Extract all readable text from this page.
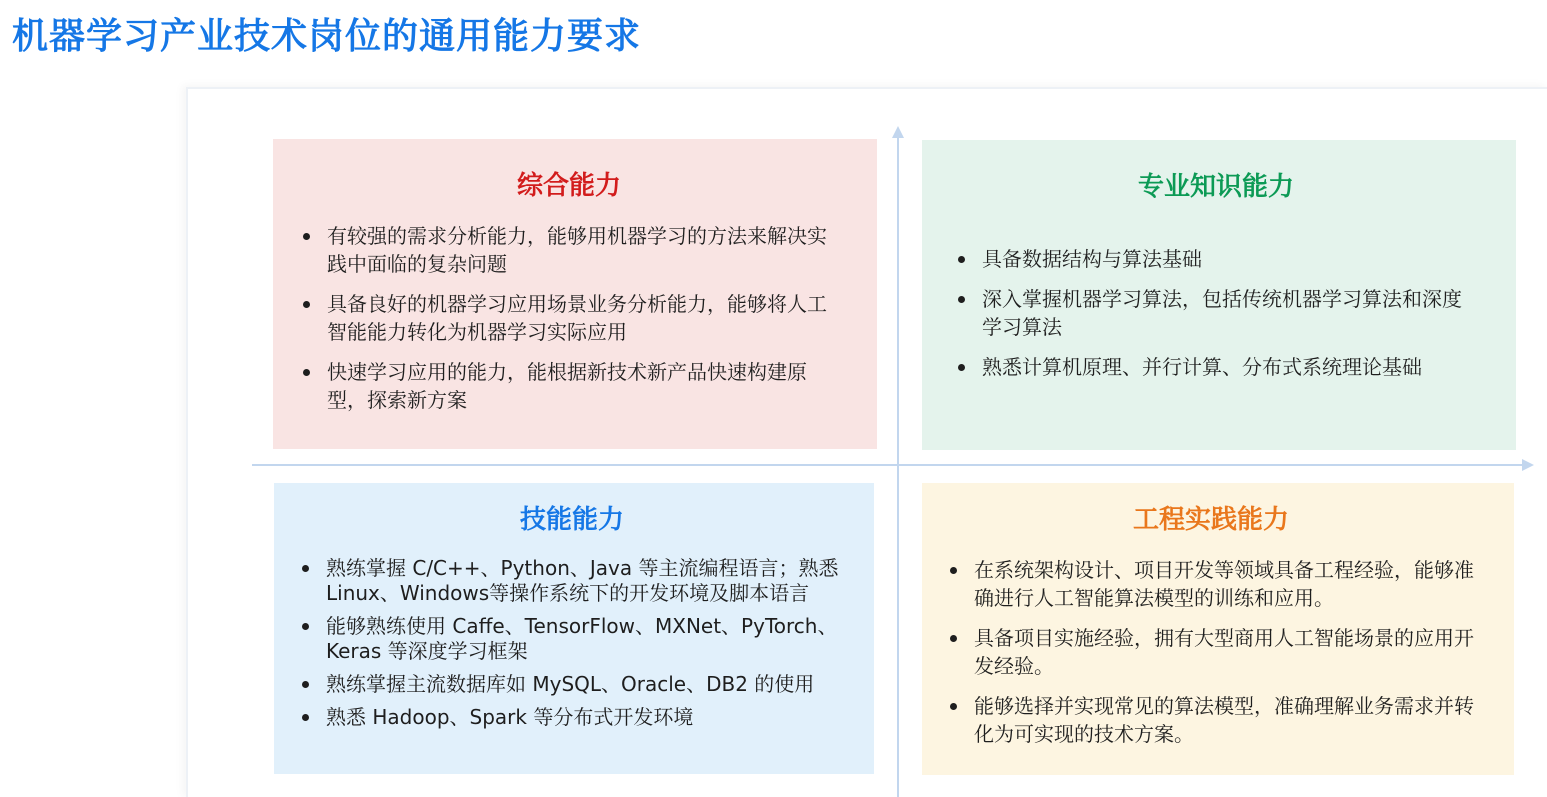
机器学习产业技术岗位的通用能力要求
综合能力
有较强的需求分析能力，能够用机器学习的方法来解决实践中面临的复杂问题
具备良好的机器学习应用场景业务分析能力，能够将人工智能能力转化为机器学习实际应用
快速学习应用的能力，能根据新技术新产品快速构建原型，探索新方案
专业知识能力
具备数据结构与算法基础
深入掌握机器学习算法，包括传统机器学习算法和深度学习算法
熟悉计算机原理、并行计算、分布式系统理论基础
技能能力
熟练掌握 C/C++、Python、Java 等主流编程语言；熟悉 Linux、Windows等操作系统下的开发环境及脚本语言
能够熟练使用 Caffe、TensorFlow、MXNet、PyTorch、Keras 等深度学习框架
熟练掌握主流数据库如 MySQL、Oracle、DB2 的使用
熟悉 Hadoop、Spark 等分布式开发环境
工程实践能力
在系统架构设计、项目开发等领域具备工程经验，能够准确进行人工智能算法模型的训练和应用。
具备项目实施经验，拥有大型商用人工智能场景的应用开发经验。
能够选择并实现常见的算法模型，准确理解业务需求并转化为可实现的技术方案。
